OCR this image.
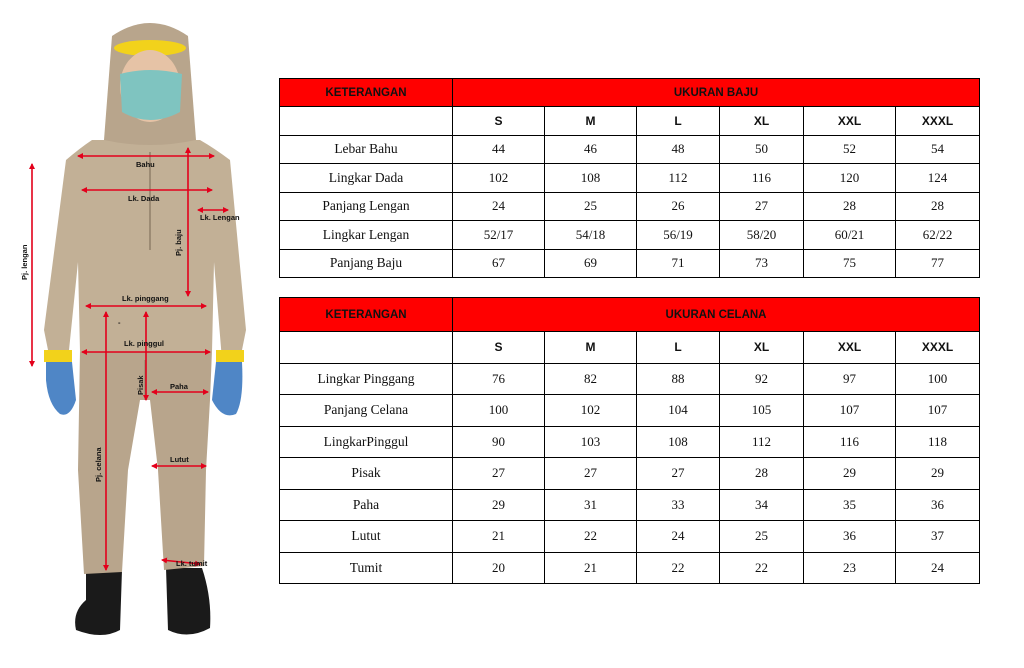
Bahu
Lk. Dada
Lk. Lengan
Pj. baju
Pj. lengan
Lk. pinggang
-
Lk. pinggul
Pisak	Paha
Pj. celana	Lutut
Lk. tumit
KETERANGAN	UKURAN BAJU					
	S	M	L	XL	XXL	XXXL
Lebar Bahu	44	46	48	50	52	54
Lingkar Dada	102	108	112	116	120	124
Panjang Lengan	24	25	26	27	28	28
Lingkar Lengan	52/17	54/18	56/19	58/20	60/21	62/22
Panjang Baju	67	69	71	73	75	77
KETERANGAN	UKURAN CELANA					
	S	M	L	XL	XXL	XXXL
Lingkar Pinggang	76	82	88	92	97	100
Panjang Celana	100	102	104	105	107	107
LingkarPinggul	90	103	108	112	116	118
Pisak	27	27	27	28	29	29
Paha	29	31	33	34	35	36
Lutut	21	22	24	25	36	37
Tumit	20	21	22	22	23	24
